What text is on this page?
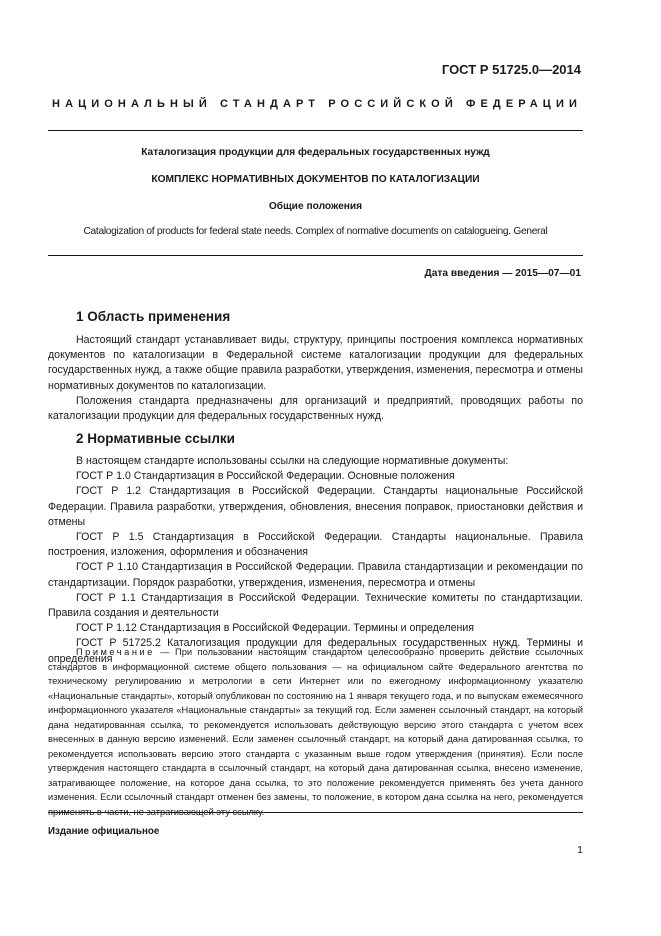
ГОСТ Р 51725.0—2014
НАЦИОНАЛЬНЫЙ СТАНДАРТ РОССИЙСКОЙ ФЕДЕРАЦИИ
Каталогизация продукции для федеральных государственных нужд
КОМПЛЕКС НОРМАТИВНЫХ ДОКУМЕНТОВ ПО КАТАЛОГИЗАЦИИ
Общие положения
Catalogization of products for federal state needs. Complex of normative documents on catalogueing. General
Дата введения — 2015—07—01
1 Область применения

Настоящий стандарт устанавливает виды, структуру, принципы построения комплекса нормативных документов по каталогизации в Федеральной системе каталогизации продукции для федеральных государственных нужд, а также общие правила разработки, утверждения, изменения, пересмотра и отмены нормативных документов по каталогизации.

Положения стандарта предназначены для организаций и предприятий, проводящих работы по каталогизации продукции для федеральных государственных нужд.

2 Нормативные ссылки

В настоящем стандарте использованы ссылки на следующие нормативные документы:

ГОСТ Р 1.0 Стандартизация в Российской Федерации. Основные положения

ГОСТ Р 1.2 Стандартизация в Российской Федерации. Стандарты национальные Российской Федерации. Правила разработки, утверждения, обновления, внесения поправок, приостановки действия и отмены

ГОСТ Р 1.5 Стандартизация в Российской Федерации. Стандарты национальные. Правила построения, изложения, оформления и обозначения

ГОСТ Р 1.10 Стандартизация в Российской Федерации. Правила стандартизации и рекомендации по стандартизации. Порядок разработки, утверждения, изменения, пересмотра и отмены

ГОСТ Р 1.1 Стандартизация в Российской Федерации. Технические комитеты по стандартизации. Правила создания и деятельности

ГОСТ Р 1.12 Стандартизация в Российской Федерации. Термины и определения

ГОСТ Р 51725.2 Каталогизация продукции для федеральных государственных нужд. Термины и определения

Примечание — При пользовании настоящим стандартом целесообразно проверить действие ссылочных стандартов в информационной системе общего пользования — на официальном сайте Федерального агентства по техническому регулированию и метрологии в сети Интернет или по ежегодному информационному указателю «Национальные стандарты», который опубликован по состоянию на 1 января текущего года, и по выпускам ежемесячного информационного указателя «Национальные стандарты» за текущий год. Если заменен ссылочный стандарт, на который дана недатированная ссылка, то рекомендуется использовать действующую версию этого стандарта с учетом всех внесенных в данную версию изменений. Если заменен ссылочный стандарт, на который дана датированная ссылка, то рекомендуется использовать версию этого стандарта с указанным выше годом утверждения (принятия). Если после утверждения настоящего стандарта в ссылочный стандарт, на который дана датированная ссылка, внесено изменение, затрагивающее положение, на которое дана ссылка, то это положение рекомендуется применять без учета данного изменения. Если ссылочный стандарт отменен без замены, то положение, в котором дана ссылка на него, рекомендуется применять в части, не затрагивающей эту ссылку.

Издание официальное
1
